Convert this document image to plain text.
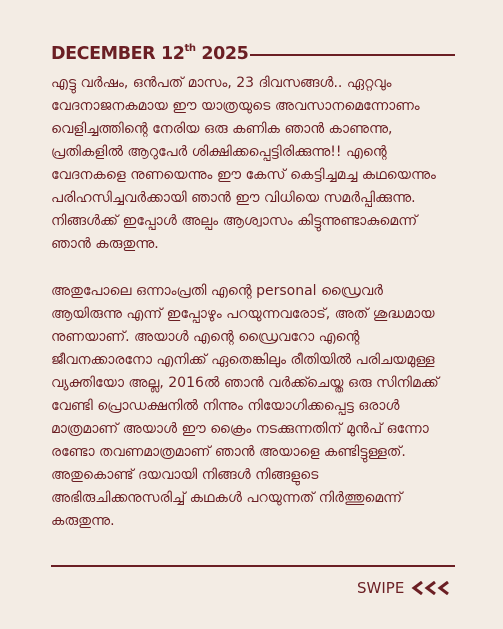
DECEMBER 12th 2025

എട്ടു വർഷം, ഒൻപത് മാസം, 23 ദിവസങ്ങൾ.. ഏറ്റവും വേദനാജനകമായ ഈ യാത്രയുടെ അവസാനമെന്നോണം വെളിച്ചത്തിന്റെ നേരിയ ഒരു കണിക ഞാൻ കാണുന്നു, പ്രതികളിൽ ആറുപേർ ശിക്ഷിക്കപ്പെട്ടിരിക്കുന്നു!! എന്റെ വേദനകളെ നുണയെന്നും ഈ കേസ് കെട്ടിച്ചമച്ച കഥയെന്നും പരിഹസിച്ചവർക്കായി ഞാൻ ഈ വിധിയെ സമർപ്പിക്കുന്നു. നിങ്ങൾക്ക് ഇപ്പോൾ അല്പം ആശ്വാസം കിട്ടുന്നുണ്ടാകുമെന്ന് ഞാൻ കരുതുന്നു.

അതുപോലെ ഒന്നാംപ്രതി എന്റെ personal ഡ്രൈവർ ആയിരുന്നു എന്ന് ഇപ്പോഴും പറയുന്നവരോട്, അത് ശുദ്ധമായ നുണയാണ്. അയാൾ എന്റെ ഡ്രൈവറോ എന്റെ ജീവനക്കാരനോ എനിക്ക് ഏതെങ്കിലും രീതിയിൽ പരിചയമുള്ള വ്യക്തിയോ അല്ല, 2016ൽ ഞാൻ വർക്ക്ചെയ്ത ഒരു സിനിമക്ക് വേണ്ടി പ്രൊഡക്ഷനിൽ നിന്നും നിയോഗിക്കപ്പെട്ട ഒരാൾ മാത്രമാണ് അയാൾ ഈ ക്രൈം നടക്കുന്നതിന് മുൻപ് ഒന്നോ രണ്ടോ തവണമാത്രമാണ് ഞാൻ അയാളെ കണ്ടിട്ടുള്ളത്. അതുകൊണ്ട് ദയവായി നിങ്ങൾ നിങ്ങളുടെ അഭിരുചിക്കനുസരിച്ച് കഥകൾ പറയുന്നത് നിർത്തുമെന്ന് കരുതുന്നു.

SWIPE
